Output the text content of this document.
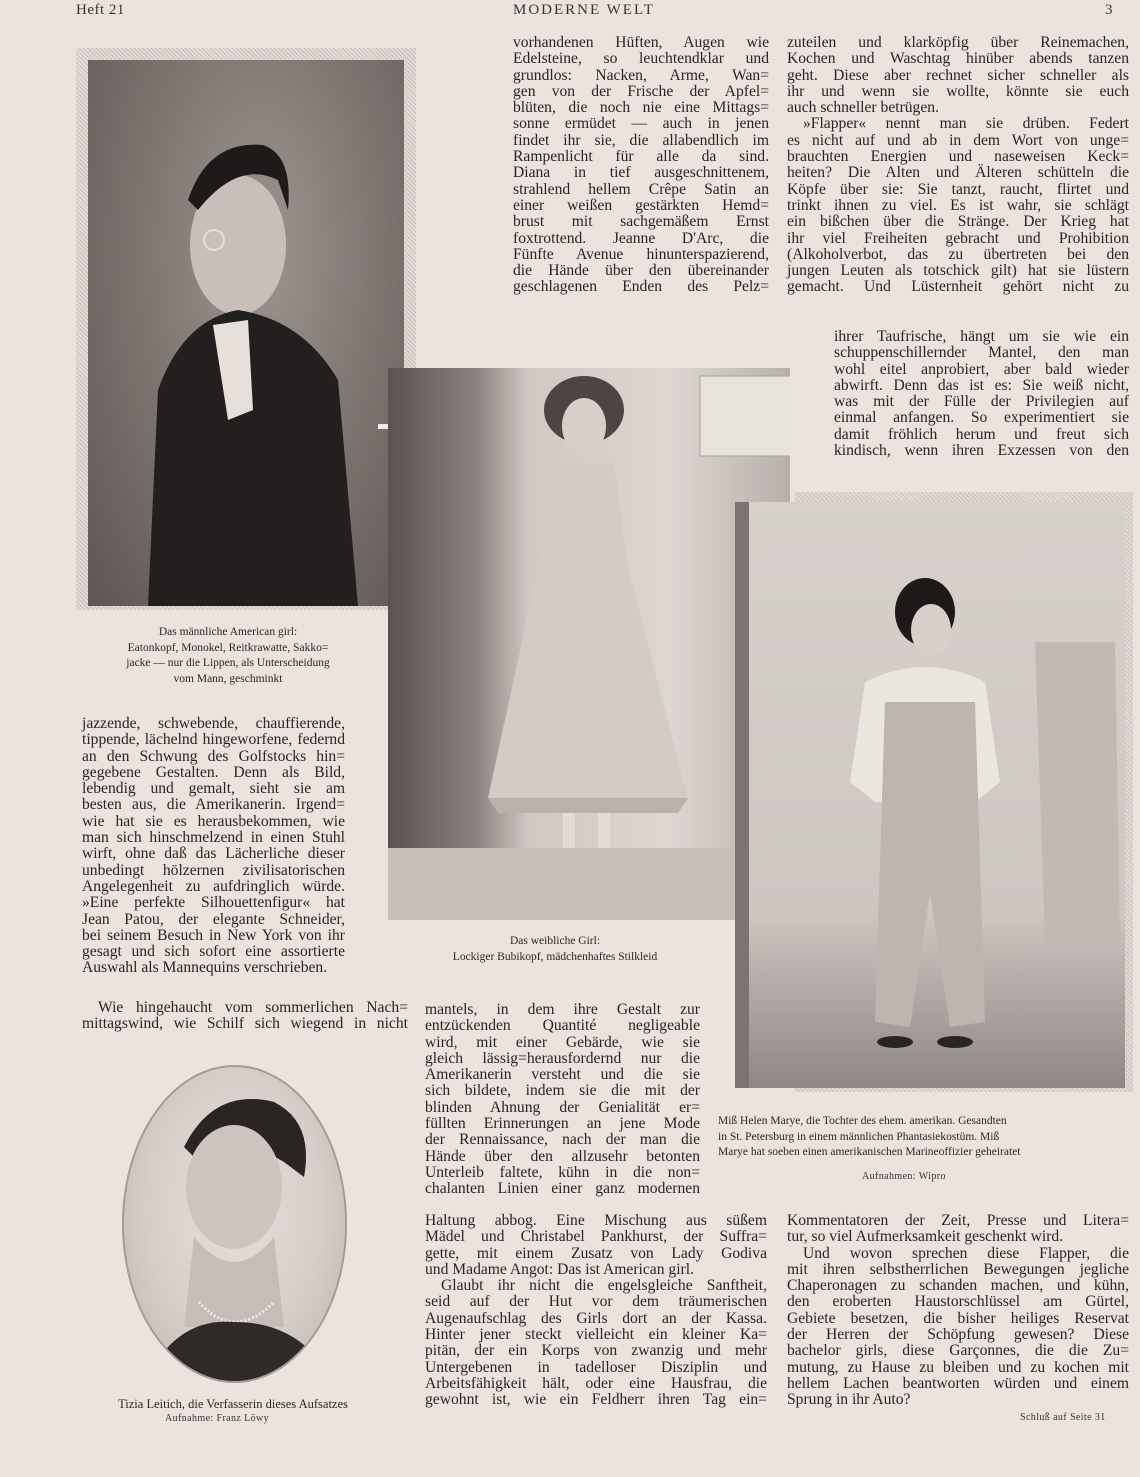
Heft 21	MODERNE WELT	3
Das männliche American girl:
Eatonkopf, Monokel, Reitkrawatte, Sakko=
jacke — nur die Lippen, als Unterscheidung
vom Mann, geschminkt
vorhandenen Hüften, Augen wie
Edelsteine, so leuchtendklar und
grundlos: Nacken, Arme, Wan=
gen von der Frische der Apfel=
blüten, die noch nie eine Mittags=
sonne ermüdet — auch in jenen
findet ihr sie, die allabendlich im
Rampenlicht für alle da sind.
Diana in tief ausgeschnittenem,
strahlend hellem Crêpe Satin an
einer weißen gestärkten Hemd=
brust mit sachgemäßem Ernst
foxtrottend. Jeanne D'Arc, die
Fünfte Avenue hinunterspazierend,
die Hände über den übereinander
geschlagenen Enden des Pelz=
zuteilen und klarköpfig über Reinemachen,
Kochen und Waschtag hinüber abends tanzen
geht. Diese aber rechnet sicher schneller als
ihr und wenn sie wollte, könnte sie euch
auch schneller betrügen.
»Flapper« nennt man sie drüben. Federt
es nicht auf und ab in dem Wort von unge=
brauchten Energien und naseweisen Keck=
heiten? Die Alten und Älteren schütteln die
Köpfe über sie: Sie tanzt, raucht, flirtet und
trinkt ihnen zu viel. Es ist wahr, sie schlägt
ein bißchen über die Stränge. Der Krieg hat
ihr viel Freiheiten gebracht und Prohibition
(Alkoholverbot, das zu übertreten bei den
jungen Leuten als totschick gilt) hat sie lüstern
gemacht. Und Lüsternheit gehört nicht zu
ihrer Taufrische, hängt um sie wie ein
schuppenschillernder Mantel, den man
wohl eitel anprobiert, aber bald wieder
abwirft. Denn das ist es: Sie weiß nicht,
was mit der Fülle der Privilegien auf
einmal anfangen. So experimentiert sie
damit fröhlich herum und freut sich
kindisch, wenn ihren Exzessen von den
Das weibliche Girl:
Lockiger Bubikopf, mädchenhaftes Stilkleid
jazzende, schwebende, chauffierende,
tippende, lächelnd hingeworfene, federnd
an den Schwung des Golfstocks hin=
gegebene Gestalten. Denn als Bild,
lebendig und gemalt, sieht sie am
besten aus, die Amerikanerin. Irgend=
wie hat sie es herausbekommen, wie
man sich hinschmelzend in einen Stuhl
wirft, ohne daß das Lächerliche dieser
unbedingt hölzernen zivilisatorischen
Angelegenheit zu aufdringlich würde.
»Eine perfekte Silhouettenfigur« hat
Jean Patou, der elegante Schneider,
bei seinem Besuch in New York von ihr
gesagt und sich sofort eine assortierte
Auswahl als Mannequins verschrieben.
Wie hingehaucht vom sommerlichen Nach=
mittagswind, wie Schilf sich wiegend in nicht
Miß Helen Marye, die Tochter des ehem. amerikan. Gesandten
in St. Petersburg in einem männlichen Phantasiekostüm. Miß
Marye hat soeben einen amerikanischen Marineoffizier geheiratet
Aufnahmen: Wipro
mantels, in dem ihre Gestalt zur
entzückenden Quantité negligeable
wird, mit einer Gebärde, wie sie
gleich lässig=herausfordernd nur die
Amerikanerin versteht und die sie
sich bildete, indem sie die mit der
blinden Ahnung der Genialität er=
füllten Erinnerungen an jene Mode
der Rennaissance, nach der man die
Hände über den allzusehr betonten
Unterleib faltete, kühn in die non=
chalanten Linien einer ganz modernen
Haltung abbog. Eine Mischung aus süßem
Mädel und Christabel Pankhurst, der Suffra=
gette, mit einem Zusatz von Lady Godiva
und Madame Angot: Das ist American girl.
Glaubt ihr nicht die engelsgleiche Sanftheit,
seid auf der Hut vor dem träumerischen
Augenaufschlag des Girls dort an der Kassa.
Hinter jener steckt vielleicht ein kleiner Ka=
pitän, der ein Korps von zwanzig und mehr
Untergebenen in tadelloser Disziplin und
Arbeitsfähigkeit hält, oder eine Hausfrau, die
gewohnt ist, wie ein Feldherr ihren Tag ein=
Kommentatoren der Zeit, Presse und Litera=
tur, so viel Aufmerksamkeit geschenkt wird.
Und wovon sprechen diese Flapper, die
mit ihren selbstherrlichen Bewegungen jegliche
Chaperonagen zu schanden machen, und kühn,
den eroberten Haustorschlüssel am Gürtel,
Gebiete besetzen, die bisher heiliges Reservat
der Herren der Schöpfung gewesen? Diese
bachelor girls, diese Garçonnes, die die Zu=
mutung, zu Hause zu bleiben und zu kochen mit
hellem Lachen beantworten würden und einem
Sprung in ihr Auto?
Schluß auf Seite 31
Tizia Leitich, die Verfasserin dieses Aufsatzes
Aufnahme: Franz Löwy
